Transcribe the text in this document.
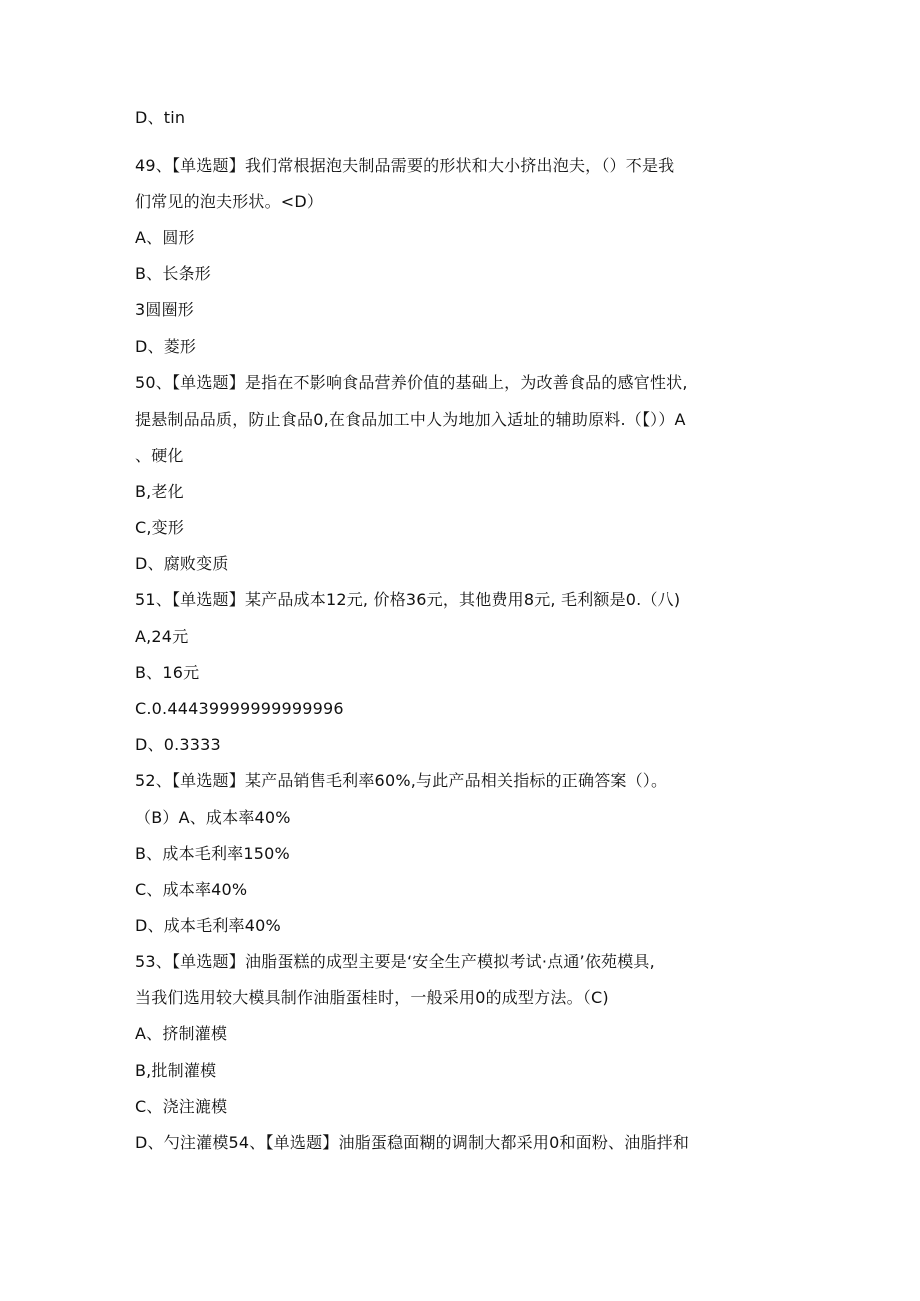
D、tin
49、【单选题】我们常根据泡夫制品需要的形状和大小挤出泡夫，（）不是我
们常见的泡夫形状。<D）
A、圆形
B、长条形
3圆圈形
D、菱形
50、【单选题】是指在不影响食品营养价值的基础上，为改善食品的感官性状,
提悬制品品质，防止食品0,在食品加工中人为地加入适址的辅助原料.（【））A
、硬化
B,老化
C,变形
D、腐败变质
51、【单选题】某产品成本12元, 价格36元，其他费用8元, 毛利额是0.（八)
A,24元
B、16元
C.0.44439999999999996
D、0.3333
52、【单选题】某产品销售毛利率60%,与此产品相关指标的正确答案（）。
（B）A、成本率40%
B、成本毛利率150%
C、成本率40%
D、成本毛利率40%
53、【单选题】油脂蛋糕的成型主要是‘安全生产模拟考试·点通’依苑模具,
当我们选用较大模具制作油脂蛋桂时，一般采用0的成型方法。（C)
A、挤制灌模
B,批制灌模
C、浇注漉模
D、勺注灌模54、【单选题】油脂蛋稳面糊的调制大都采用0和面粉、油脂拌和
